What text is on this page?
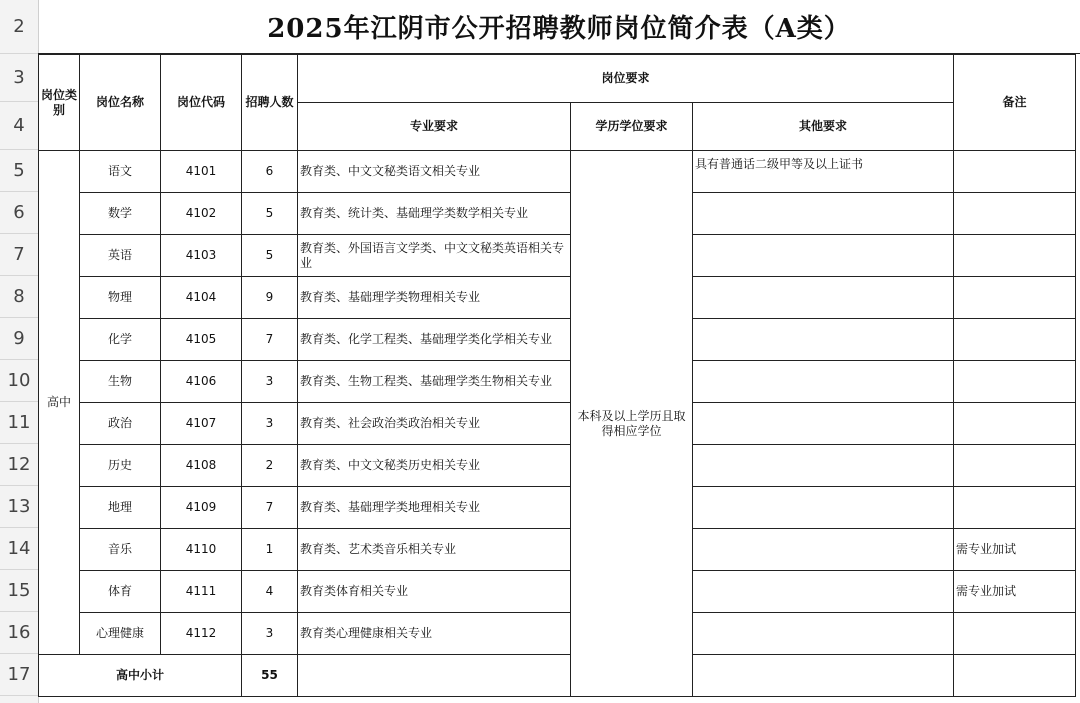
2
3
4
5
6
7
8
9
10
11
12
13
14
15
16
17
2025年江阴市公开招聘教师岗位简介表（A类）
岗位类别	岗位名称	岗位代码	招聘人数	岗位要求			备注
				专业要求	学历学位要求	其他要求	
高中	语文	4101	6	教育类、中文文秘类语文相关专业	本科及以上学历且取得相应学位	具有普通话二级甲等及以上证书	
	数学	4102	5	教育类、统计类、基础理学类数学相关专业			
	英语	4103	5	教育类、外国语言文学类、中文文秘类英语相关专业			
	物理	4104	9	教育类、基础理学类物理相关专业			
	化学	4105	7	教育类、化学工程类、基础理学类化学相关专业			
	生物	4106	3	教育类、生物工程类、基础理学类生物相关专业			
	政治	4107	3	教育类、社会政治类政治相关专业			
	历史	4108	2	教育类、中文文秘类历史相关专业			
	地理	4109	7	教育类、基础理学类地理相关专业			
	音乐	4110	1	教育类、艺术类音乐相关专业			需专业加试
	体育	4111	4	教育类体育相关专业			需专业加试
	心理健康	4112	3	教育类心理健康相关专业			
高中小计			55				
